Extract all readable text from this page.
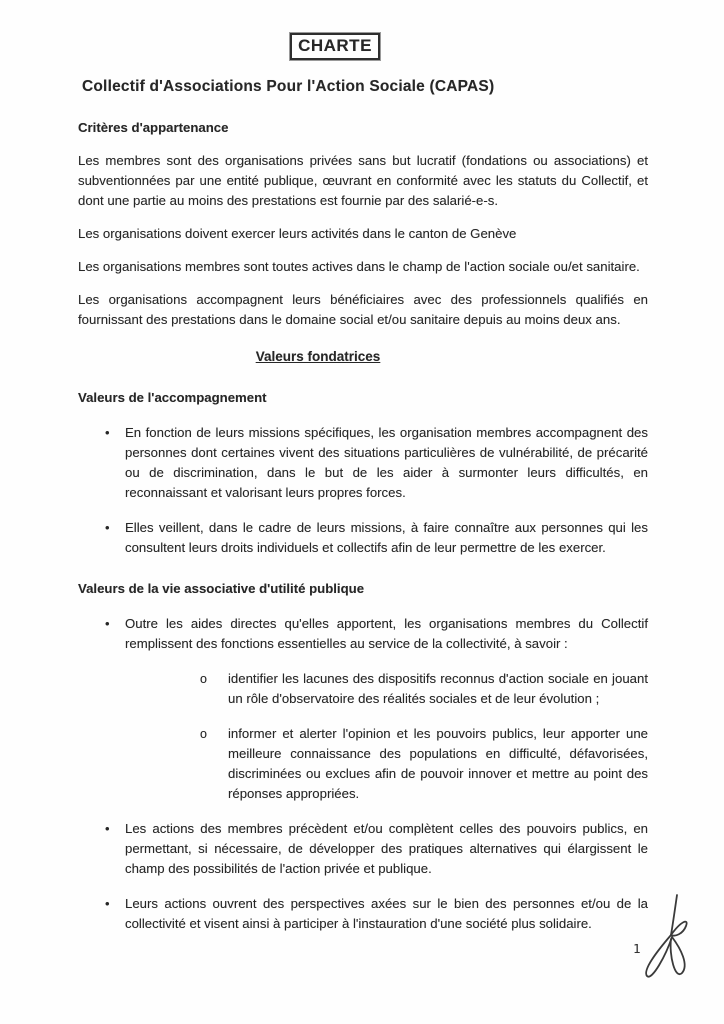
CHARTE
Collectif d'Associations Pour l'Action Sociale (CAPAS)
Critères d'appartenance

Les membres sont des organisations privées sans but lucratif (fondations ou associations) et subventionnées par une entité publique, œuvrant en conformité avec les statuts du Collectif, et dont une partie au moins des prestations est fournie par des salarié-e-s.

Les organisations doivent exercer leurs activités dans le canton de Genève

Les organisations membres sont toutes actives dans le champ de l'action sociale ou/et sanitaire.

Les organisations accompagnent leurs bénéficiaires avec des professionnels qualifiés en fournissant des prestations dans le domaine social et/ou sanitaire depuis au moins deux ans.

Valeurs fondatrices
Valeurs de l'accompagnement
• En fonction de leurs missions spécifiques, les organisation membres accompagnent des personnes dont certaines vivent des situations particulières de vulnérabilité, de précarité ou de discrimination, dans le but de les aider à surmonter leurs difficultés, en reconnaissant et valorisant leurs propres forces.
• Elles veillent, dans le cadre de leurs missions, à faire connaître aux personnes qui les consultent leurs droits individuels et collectifs afin de leur permettre de les exercer.
Valeurs de la vie associative d'utilité publique
• Outre les aides directes qu'elles apportent, les organisations membres du Collectif remplissent des fonctions essentielles au service de la collectivité, à savoir :
o identifier les lacunes des dispositifs reconnus d'action sociale en jouant un rôle d'observatoire des réalités sociales et de leur évolution ;
o informer et alerter l'opinion et les pouvoirs publics, leur apporter une meilleure connaissance des populations en difficulté, défavorisées, discriminées ou exclues afin de pouvoir innover et mettre au point des réponses appropriées.
• Les actions des membres précèdent et/ou complètent celles des pouvoirs publics, en permettant, si nécessaire, de développer des pratiques alternatives qui élargissent le champ des possibilités de l'action privée et publique.
• Leurs actions ouvrent des perspectives axées sur le bien des personnes et/ou de la collectivité et visent ainsi à participer à l'instauration d'une société plus solidaire.
1
